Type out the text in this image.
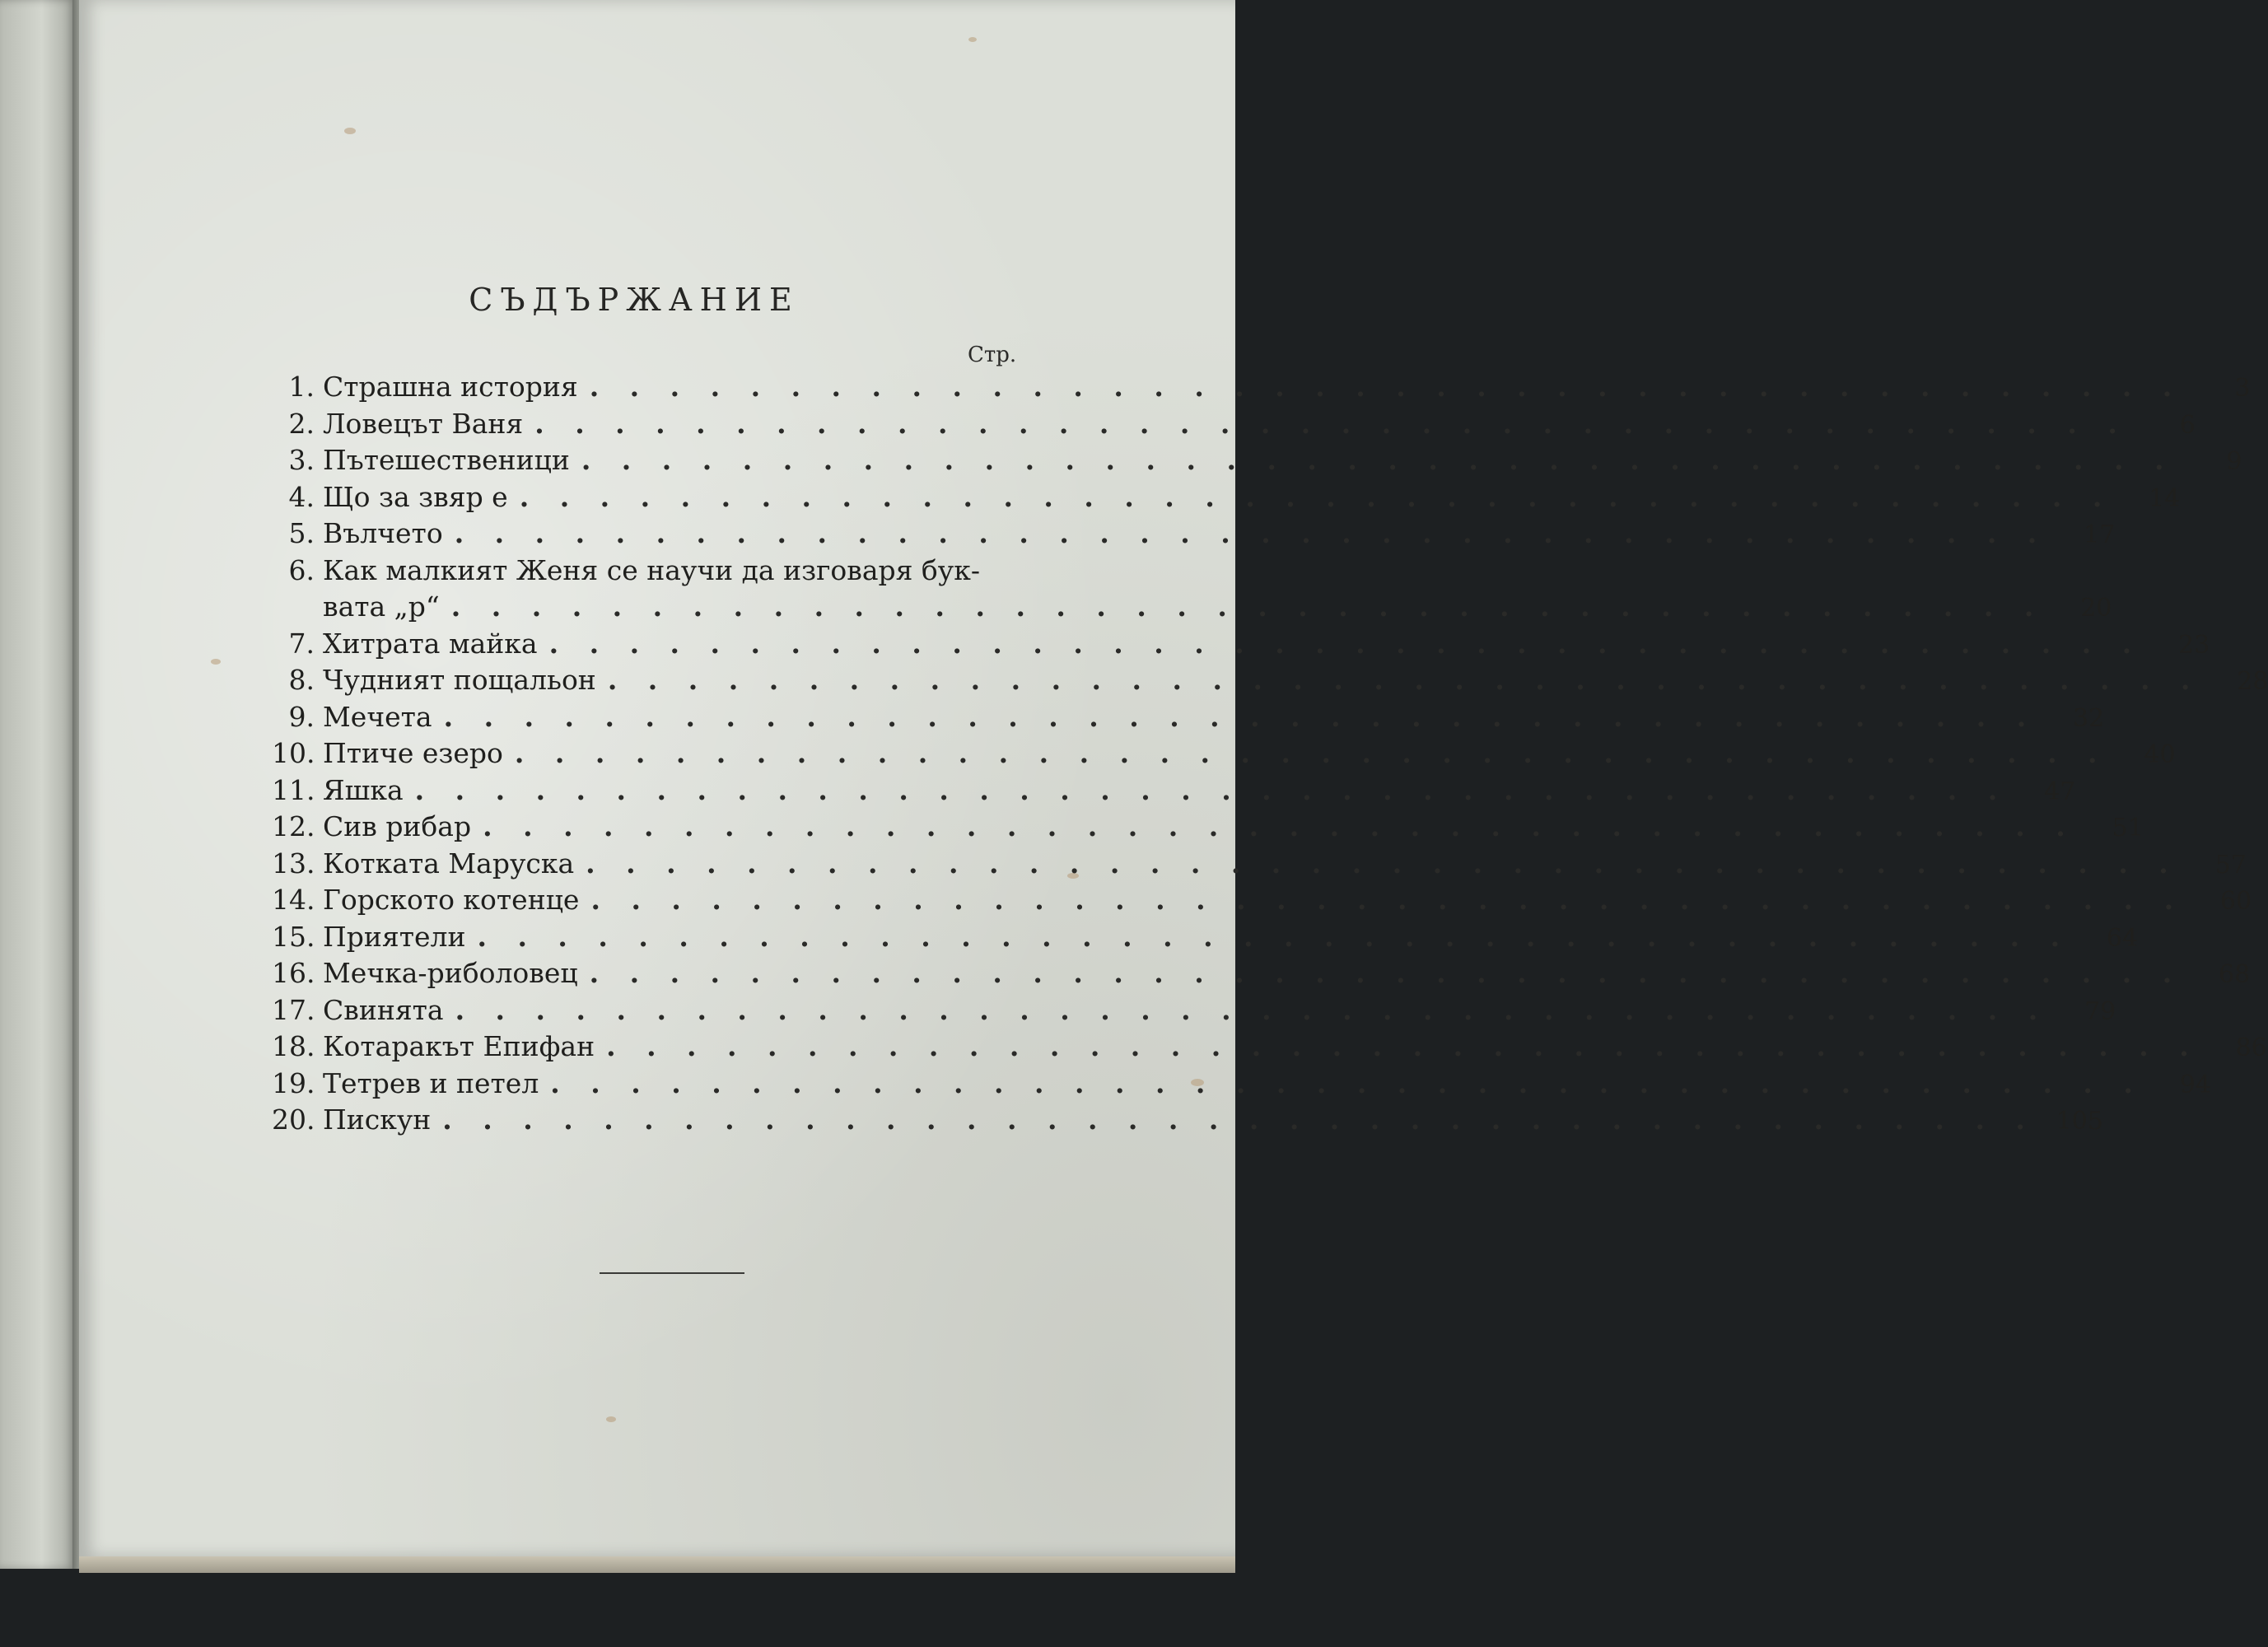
СЪДЪРЖАНИЕ
Стр.
1. Страшна история . . . . . . . . . . . . . . . . . . . . . . . . . . . . . . . . . . . . . . . .	3
2. Ловецът Ваня . . . . . . . . . . . . . . . . . . . . . . . . . . . . . . . . . . . . . . . .	6
3. Пътешественици . . . . . . . . . . . . . . . . . . . . . . . . . . . . . . . . . . . . . . . .	9
4. Що за звяр е . . . . . . . . . . . . . . . . . . . . . . . . . . . . . . . . . . . . . . . .	14
5. Вълчето . . . . . . . . . . . . . . . . . . . . . . . . . . . . . . . . . . . . . . . .	17
6. Как малкият Женя се научи да изговаря бук-
вата „р“ . . . . . . . . . . . . . . . . . . . . . . . . . . . . . . . . . . . . . . . .	20
7. Хитрата майка . . . . . . . . . . . . . . . . . . . . . . . . . . . . . . . . . . . . . . . .	23
8. Чудният пощальон . . . . . . . . . . . . . . . . . . . . . . . . . . . . . . . . . . . . . . . .	28
9. Мечета . . . . . . . . . . . . . . . . . . . . . . . . . . . . . . . . . . . . . . . .	32
10. Птиче езеро . . . . . . . . . . . . . . . . . . . . . . . . . . . . . . . . . . . . . . . .	40
11. Яшка . . . . . . . . . . . . . . . . . . . . . . . . . . . . . . . . . . . . . . . .	47
12. Сив рибар . . . . . . . . . . . . . . . . . . . . . . . . . . . . . . . . . . . . . . . .	51
13. Котката Маруска . . . . . . . . . . . . . . . . . . . . . . . . . . . . . . . . . . . . . . . .	57
14. Горското котенце . . . . . . . . . . . . . . . . . . . . . . . . . . . . . . . . . . . . . . . .	60
15. Приятели . . . . . . . . . . . . . . . . . . . . . . . . . . . . . . . . . . . . . . . .	64
16. Мечка-риболовец . . . . . . . . . . . . . . . . . . . . . . . . . . . . . . . . . . . . . . . .	68
17. Свинята . . . . . . . . . . . . . . . . . . . . . . . . . . . . . . . . . . . . . . . .	79
18. Котаракът Епифан . . . . . . . . . . . . . . . . . . . . . . . . . . . . . . . . . . . . . . . .	86
19. Тетрев и петел . . . . . . . . . . . . . . . . . . . . . . . . . . . . . . . . . . . . . . . .	94
20. Пискун . . . . . . . . . . . . . . . . . . . . . . . . . . . . . . . . . . . . . . . . 105
